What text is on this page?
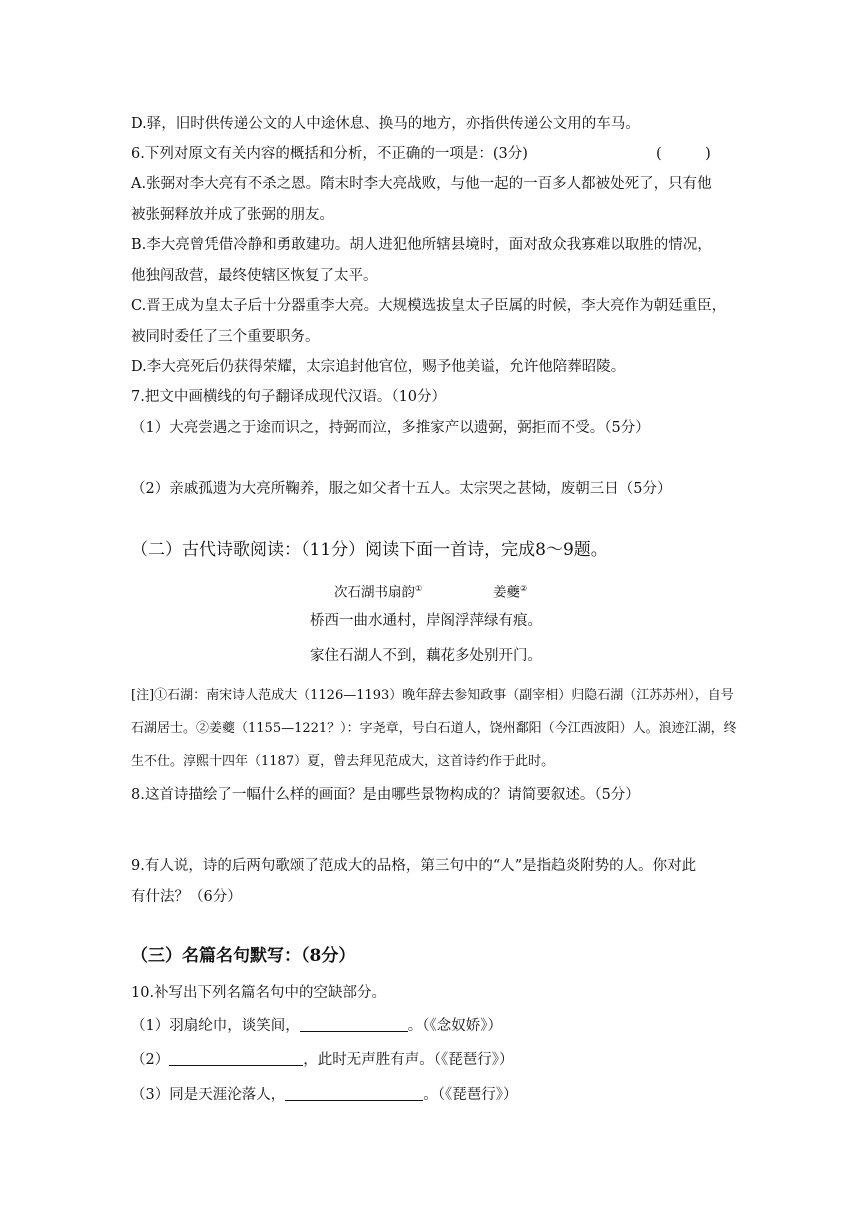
D.驿，旧时供传递公文的人中途休息、换马的地方，亦指供传递公文用的车马。
6.下列对原文有关内容的概括和分析，不正确的一项是：(3分)	(　　　)
A.张弼对李大亮有不杀之恩。隋末时李大亮战败，与他一起的一百多人都被处死了，只有他
被张弼释放并成了张弼的朋友。
B.李大亮曾凭借冷静和勇敢建功。胡人进犯他所辖县境时，面对敌众我寡难以取胜的情况，
他独闯敌营，最终使辖区恢复了太平。
C.晋王成为皇太子后十分器重李大亮。大规模选拔皇太子臣属的时候，李大亮作为朝廷重臣，
被同时委任了三个重要职务。
D.李大亮死后仍获得荣耀，太宗追封他官位，赐予他美谥，允许他陪葬昭陵。
7.把文中画横线的句子翻译成现代汉语。（10分）
（1）大亮尝遇之于途而识之，持弼而泣，多推家产以遗弼，弼拒而不受。（5分）
（2）亲戚孤遗为大亮所鞠养，服之如父者十五人。太宗哭之甚恸，废朝三日（5分）
（二）古代诗歌阅读：（11分）阅读下面一首诗，完成8～9题。
次石湖书扇韵①	姜夔②
桥西一曲水通村，岸阁浮萍绿有痕。
家住石湖人不到，藕花多处别开门。
[注]①石湖：南宋诗人范成大（1126—1193）晚年辞去参知政事（副宰相）归隐石湖（江苏苏州），自号
石湖居士。②姜夔（1155—1221？）：字尧章，号白石道人，饶州鄱阳（今江西波阳）人。浪迹江湖，终
生不仕。淳熙十四年（1187）夏，曾去拜见范成大，这首诗约作于此时。
8.这首诗描绘了一幅什么样的画面？是由哪些景物构成的？请简要叙述。（5分）
9.有人说，诗的后两句歌颂了范成大的品格，第三句中的“人”是指趋炎附势的人。你对此
有什法？（6分）
（三）名篇名句默写：（8分）
10.补写出下列名篇名句中的空缺部分。
（1）羽扇纶巾，谈笑间，	。（《念奴娇》）
（2）	，此时无声胜有声。（《琵琶行》）
（3）同是天涯沦落人，	。（《琵琶行》）
